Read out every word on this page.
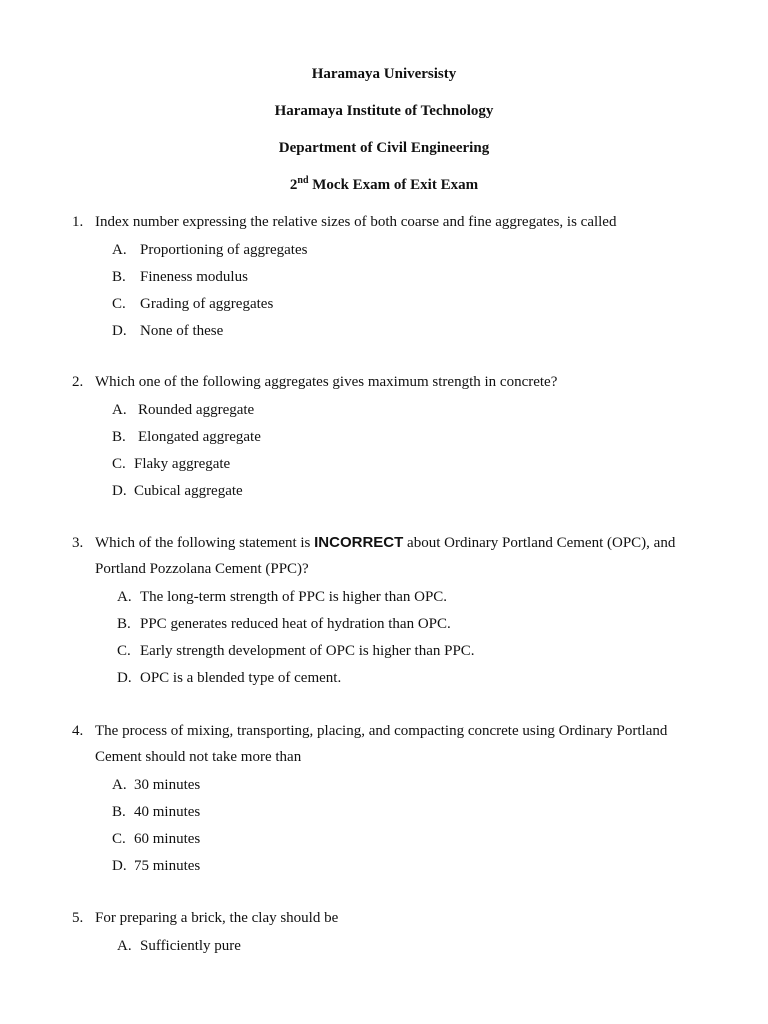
Haramaya Universisty
Haramaya Institute of Technology
Department of Civil Engineering
2nd Mock Exam of Exit Exam
1. Index number expressing the relative sizes of both coarse and fine aggregates, is called
A. Proportioning of aggregates
B. Fineness modulus
C. Grading of aggregates
D. None of these
2. Which one of the following aggregates gives maximum strength in concrete?
A. Rounded aggregate
B. Elongated aggregate
C. Flaky aggregate
D. Cubical aggregate
3. Which of the following statement is INCORRECT about Ordinary Portland Cement (OPC), and Portland Pozzolana Cement (PPC)?
A. The long-term strength of PPC is higher than OPC.
B. PPC generates reduced heat of hydration than OPC.
C. Early strength development of OPC is higher than PPC.
D. OPC is a blended type of cement.
4. The process of mixing, transporting, placing, and compacting concrete using Ordinary Portland Cement should not take more than
A. 30 minutes
B. 40 minutes
C. 60 minutes
D. 75 minutes
5. For preparing a brick, the clay should be
A. Sufficiently pure
